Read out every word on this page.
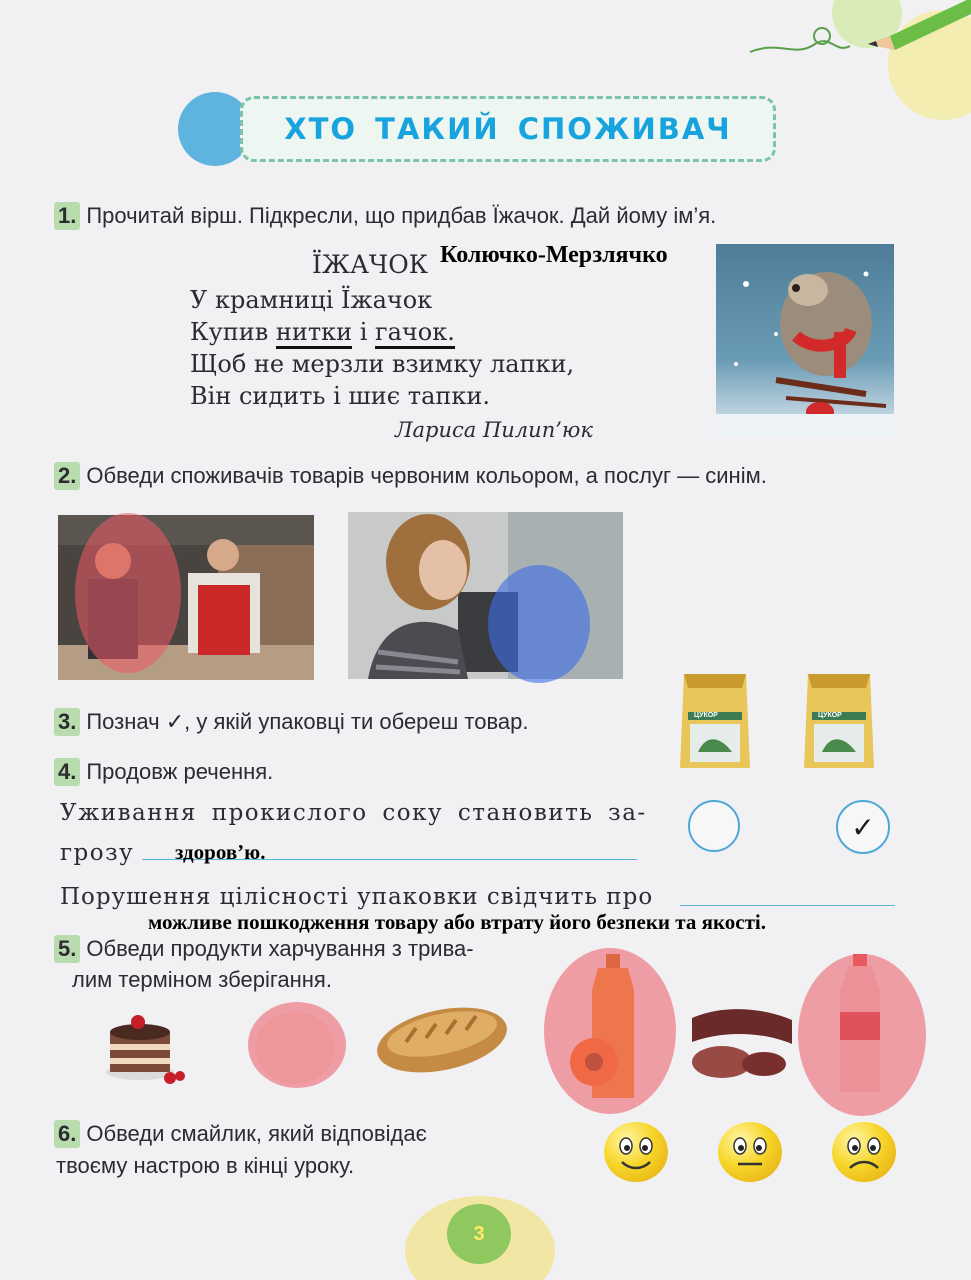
ХТО ТАКИЙ СПОЖИВАЧ
1. Прочитай вірш. Підкресли, що придбав Їжачок. Дай йому ім’я.
ЇЖАЧОК Колючко-Мерзлячко
У крамниці Їжачок
Купив нитки і гачок.
Щоб не мерзли взимку лапки,
Він сидить і шиє тапки.
Лариса Пилип’юк
2. Обведи споживачів товарів червоним кольором, а послуг — синім.
3. Познач ✓, у якій упаковці ти обереш товар.	ЦУКОР	ЦУКОР
✓
4. Продовж речення.
Уживання прокислого соку становить за-
грозу здоров’ю.
Порушення цілісності упаковки свідчить про
можливе пошкодження товару або втрату його безпеки та якості.
5. Обведи продукти харчування з трива-
лим терміном зберігання.
6. Обведи смайлик, який відповідає
твоєму настрою в кінці уроку.
3
